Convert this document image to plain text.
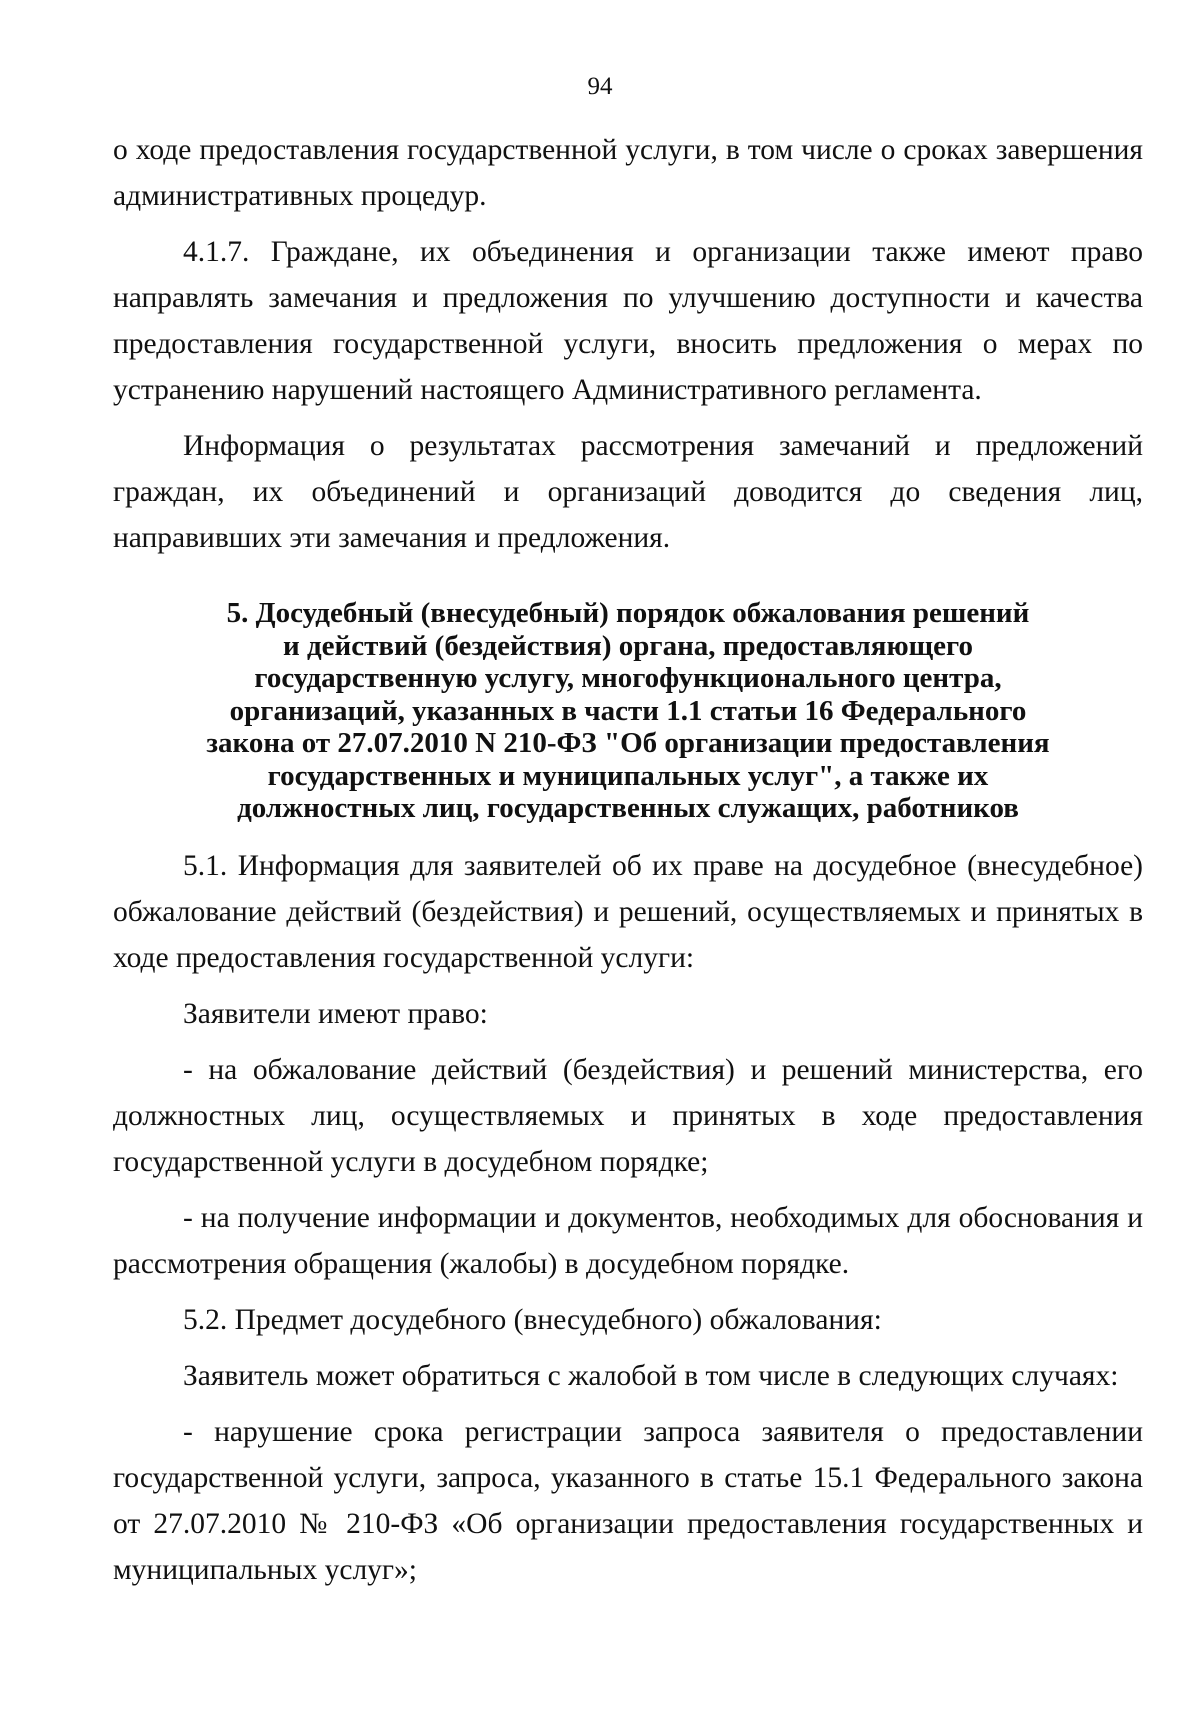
94

о ходе предоставления государственной услуги, в том числе о сроках завершения административных процедур.

4.1.7. Граждане, их объединения и организации также имеют право направлять замечания и предложения по улучшению доступности и качества предоставления государственной услуги, вносить предложения о мерах по устранению нарушений настоящего Административного регламента.

Информация о результатах рассмотрения замечаний и предложений граждан, их объединений и организаций доводится до сведения лиц, направивших эти замечания и предложения.

5. Досудебный (внесудебный) порядок обжалования решений
и действий (бездействия) органа, предоставляющего
государственную услугу, многофункционального центра,
организаций, указанных в части 1.1 статьи 16 Федерального
закона от 27.07.2010 N 210-ФЗ "Об организации предоставления
государственных и муниципальных услуг", а также их
должностных лиц, государственных служащих, работников

5.1. Информация для заявителей об их праве на досудебное (внесудебное) обжалование действий (бездействия) и решений, осуществляемых и принятых в ходе предоставления государственной услуги:

Заявители имеют право:

- на обжалование действий (бездействия) и решений министерства, его должностных лиц, осуществляемых и принятых в ходе предоставления государственной услуги в досудебном порядке;

- на получение информации и документов, необходимых для обоснования и рассмотрения обращения (жалобы) в досудебном порядке.

5.2. Предмет досудебного (внесудебного) обжалования:

Заявитель может обратиться с жалобой в том числе в следующих случаях:

- нарушение срока регистрации запроса заявителя о предоставлении государственной услуги, запроса, указанного в статье 15.1 Федерального закона от 27.07.2010 № 210-ФЗ «Об организации предоставления государственных и муниципальных услуг»;
